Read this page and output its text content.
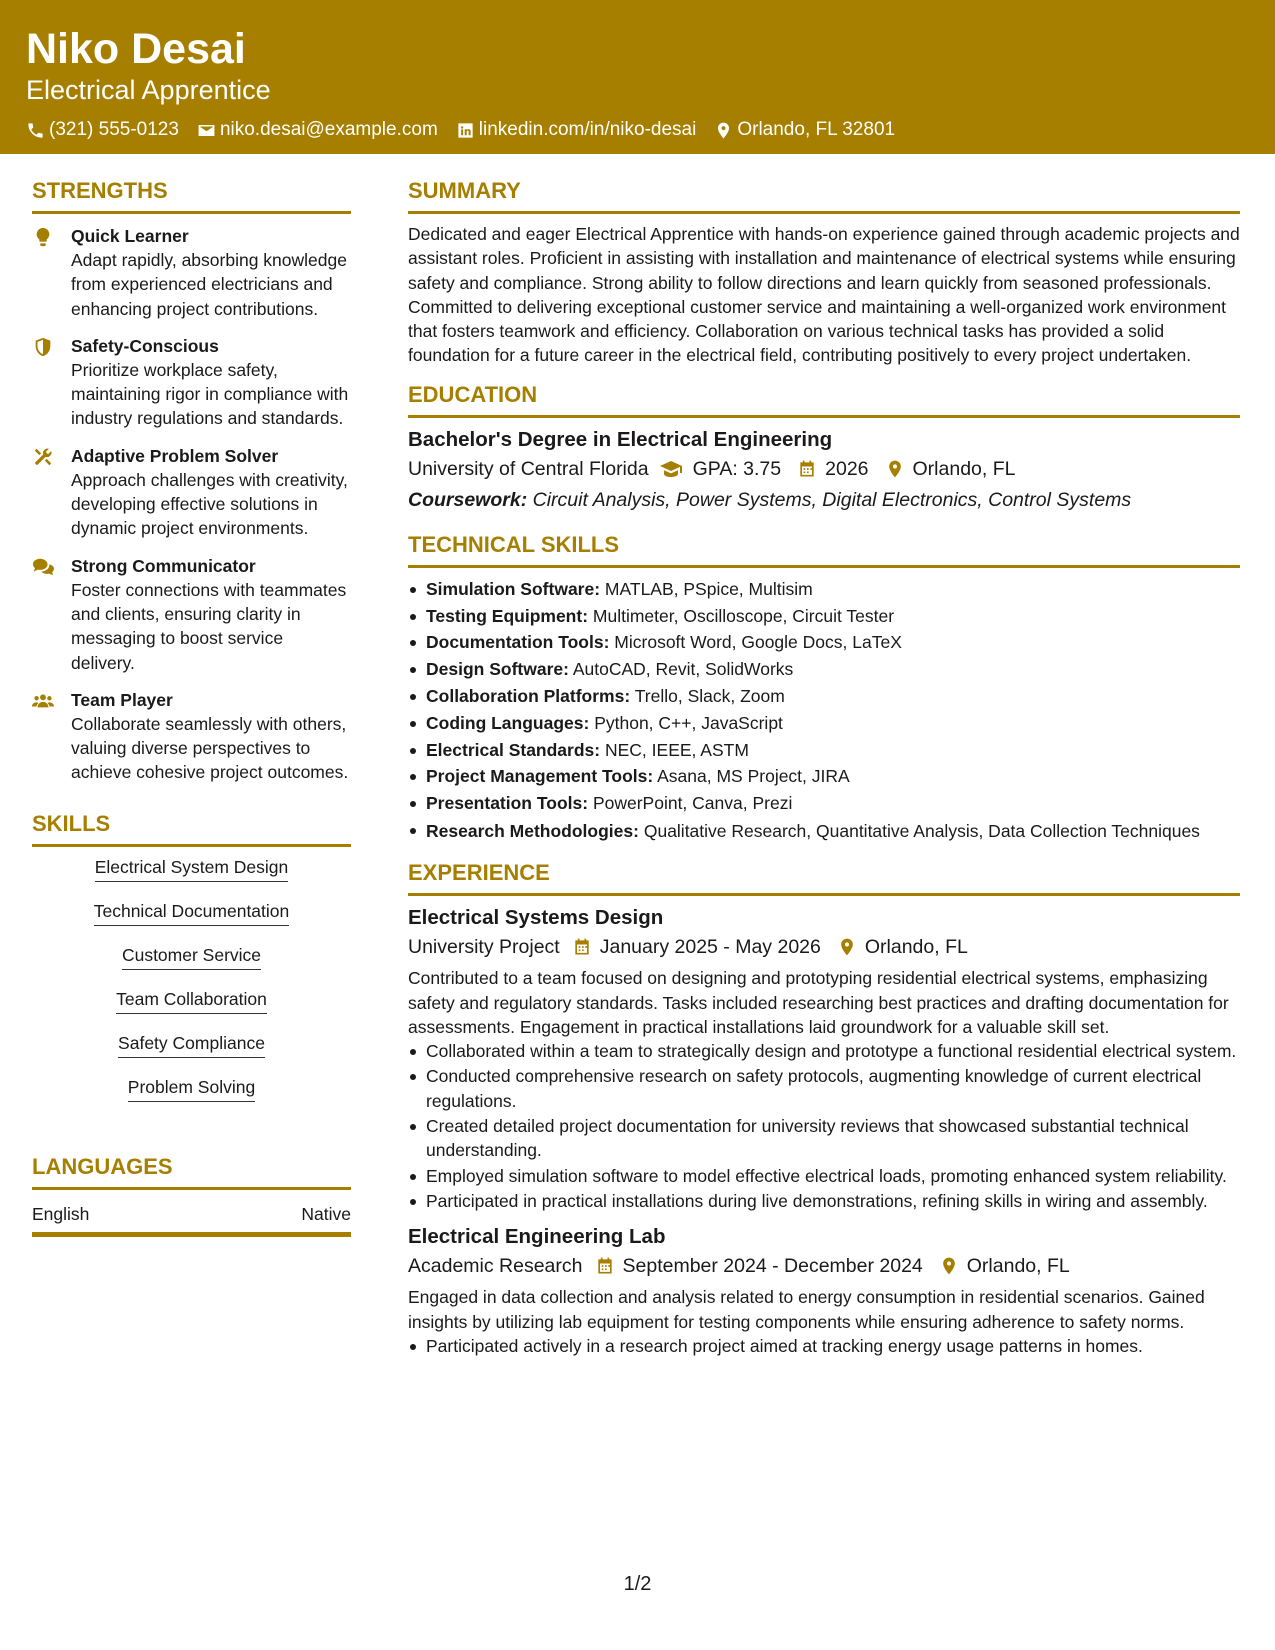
Niko Desai
Electrical Apprentice
(321) 555-0123 niko.desai@example.com linkedin.com/in/niko-desai Orlando, FL 32801
STRENGTHS
Quick Learner
Adapt rapidly, absorbing knowledge from experienced electricians and enhancing project contributions.
Safety-Conscious
Prioritize workplace safety, maintaining rigor in compliance with industry regulations and standards.
Adaptive Problem Solver
Approach challenges with creativity, developing effective solutions in dynamic project environments.
Strong Communicator
Foster connections with teammates and clients, ensuring clarity in messaging to boost service delivery.
Team Player
Collaborate seamlessly with others, valuing diverse perspectives to achieve cohesive project outcomes.
SKILLS
Electrical System Design
Technical Documentation
Customer Service
Team Collaboration
Safety Compliance
Problem Solving
LANGUAGES
English	Native
SUMMARY
Dedicated and eager Electrical Apprentice with hands-on experience gained through academic projects and assistant roles. Proficient in assisting with installation and maintenance of electrical systems while ensuring safety and compliance. Strong ability to follow directions and learn quickly from seasoned professionals. Committed to delivering exceptional customer service and maintaining a well-organized work environment that fosters teamwork and efficiency. Collaboration on various technical tasks has provided a solid foundation for a future career in the electrical field, contributing positively to every project undertaken.
EDUCATION
Bachelor's Degree in Electrical Engineering
University of Central Florida GPA: 3.75 2026 Orlando, FL
Coursework: Circuit Analysis, Power Systems, Digital Electronics, Control Systems
TECHNICAL SKILLS
Simulation Software: MATLAB, PSpice, Multisim
Testing Equipment: Multimeter, Oscilloscope, Circuit Tester
Documentation Tools: Microsoft Word, Google Docs, LaTeX
Design Software: AutoCAD, Revit, SolidWorks
Collaboration Platforms: Trello, Slack, Zoom
Coding Languages: Python, C++, JavaScript
Electrical Standards: NEC, IEEE, ASTM
Project Management Tools: Asana, MS Project, JIRA
Presentation Tools: PowerPoint, Canva, Prezi
Research Methodologies: Qualitative Research, Quantitative Analysis, Data Collection Techniques
EXPERIENCE
Electrical Systems Design
University Project January 2025 - May 2026 Orlando, FL
Contributed to a team focused on designing and prototyping residential electrical systems, emphasizing safety and regulatory standards. Tasks included researching best practices and drafting documentation for assessments. Engagement in practical installations laid groundwork for a valuable skill set.
Collaborated within a team to strategically design and prototype a functional residential electrical system.
Conducted comprehensive research on safety protocols, augmenting knowledge of current electrical regulations.
Created detailed project documentation for university reviews that showcased substantial technical understanding.
Employed simulation software to model effective electrical loads, promoting enhanced system reliability.
Participated in practical installations during live demonstrations, refining skills in wiring and assembly.
Electrical Engineering Lab
Academic Research September 2024 - December 2024 Orlando, FL
Engaged in data collection and analysis related to energy consumption in residential scenarios. Gained insights by utilizing lab equipment for testing components while ensuring adherence to safety norms.
Participated actively in a research project aimed at tracking energy usage patterns in homes.
1/2
